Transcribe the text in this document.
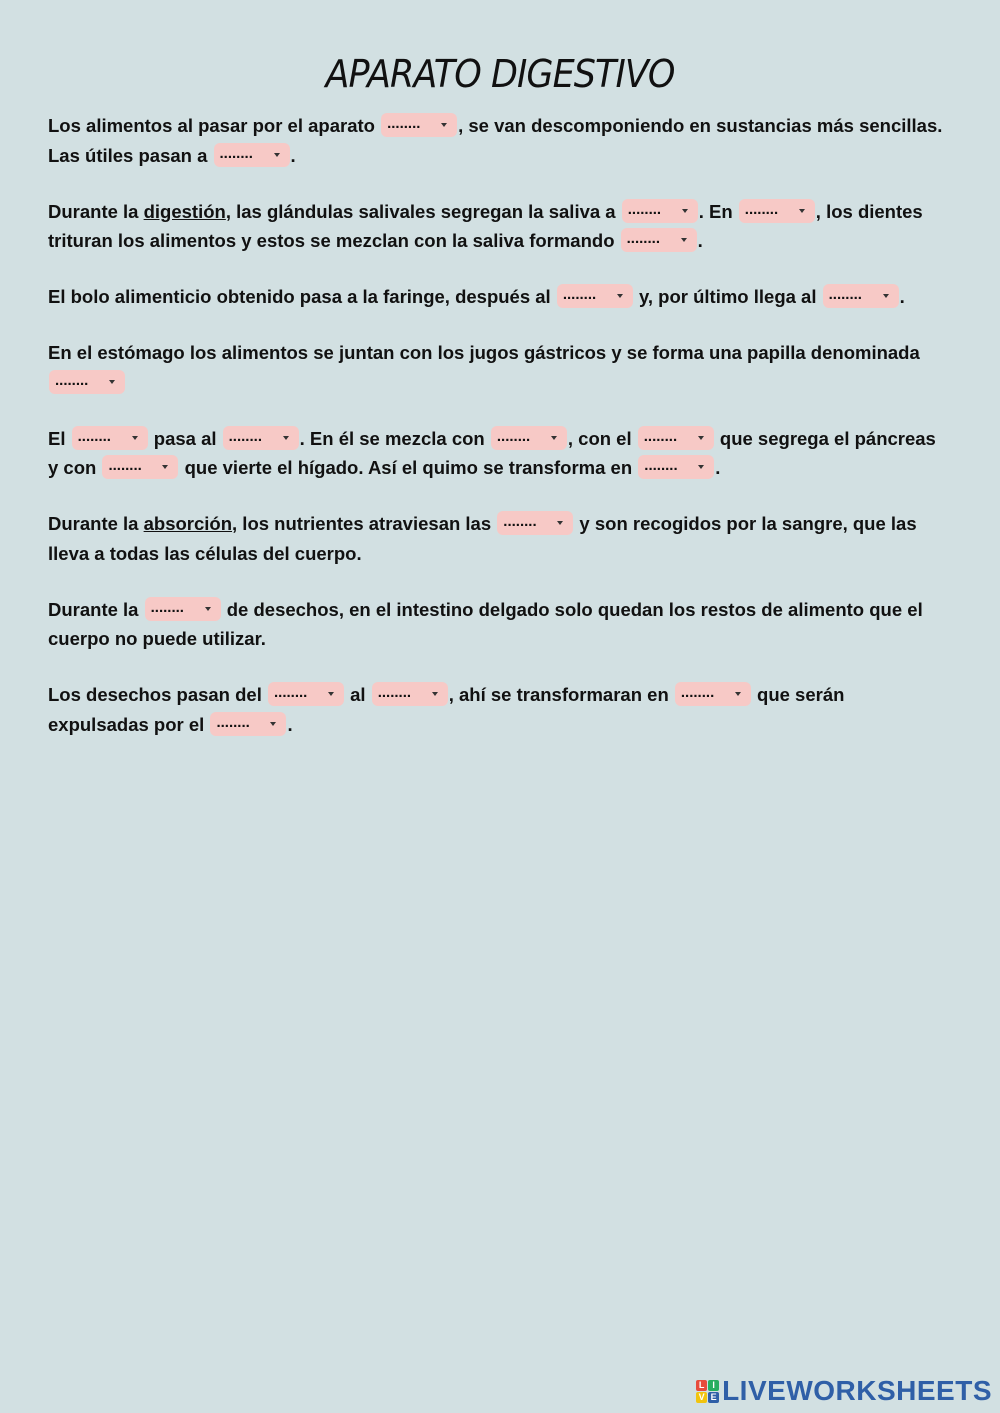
APARATO DIGESTIVO

Los alimentos al pasar por el aparato ........ , se van descomponiendo en sustancias más sencillas. Las útiles pasan a ........ .

Durante la digestión, las glándulas salivales segregan la saliva a ........ . En ........ , los dientes trituran los alimentos y estos se mezclan con la saliva formando ........ .

El bolo alimenticio obtenido pasa a la faringe, después al ........ y, por último llega al ........ .

En el estómago los alimentos se juntan con los jugos gástricos y se forma una papilla denominada
........

El ........ pasa al ........ . En él se mezcla con ........ , con el ........ que segrega el páncreas y con ........ que vierte el hígado. Así el quimo se transforma en ........ .

Durante la absorción, los nutrientes atraviesan las ........ y son recogidos por la sangre, que las lleva a todas las células del cuerpo.

Durante la ........ de desechos, en el intestino delgado solo quedan los restos de alimento que el cuerpo no puede utilizar.

Los desechos pasan del ........ al ........ , ahí se transformaran en ........ que serán expulsadas por el ........ .

L I
V E LIVEWORKSHEETS
